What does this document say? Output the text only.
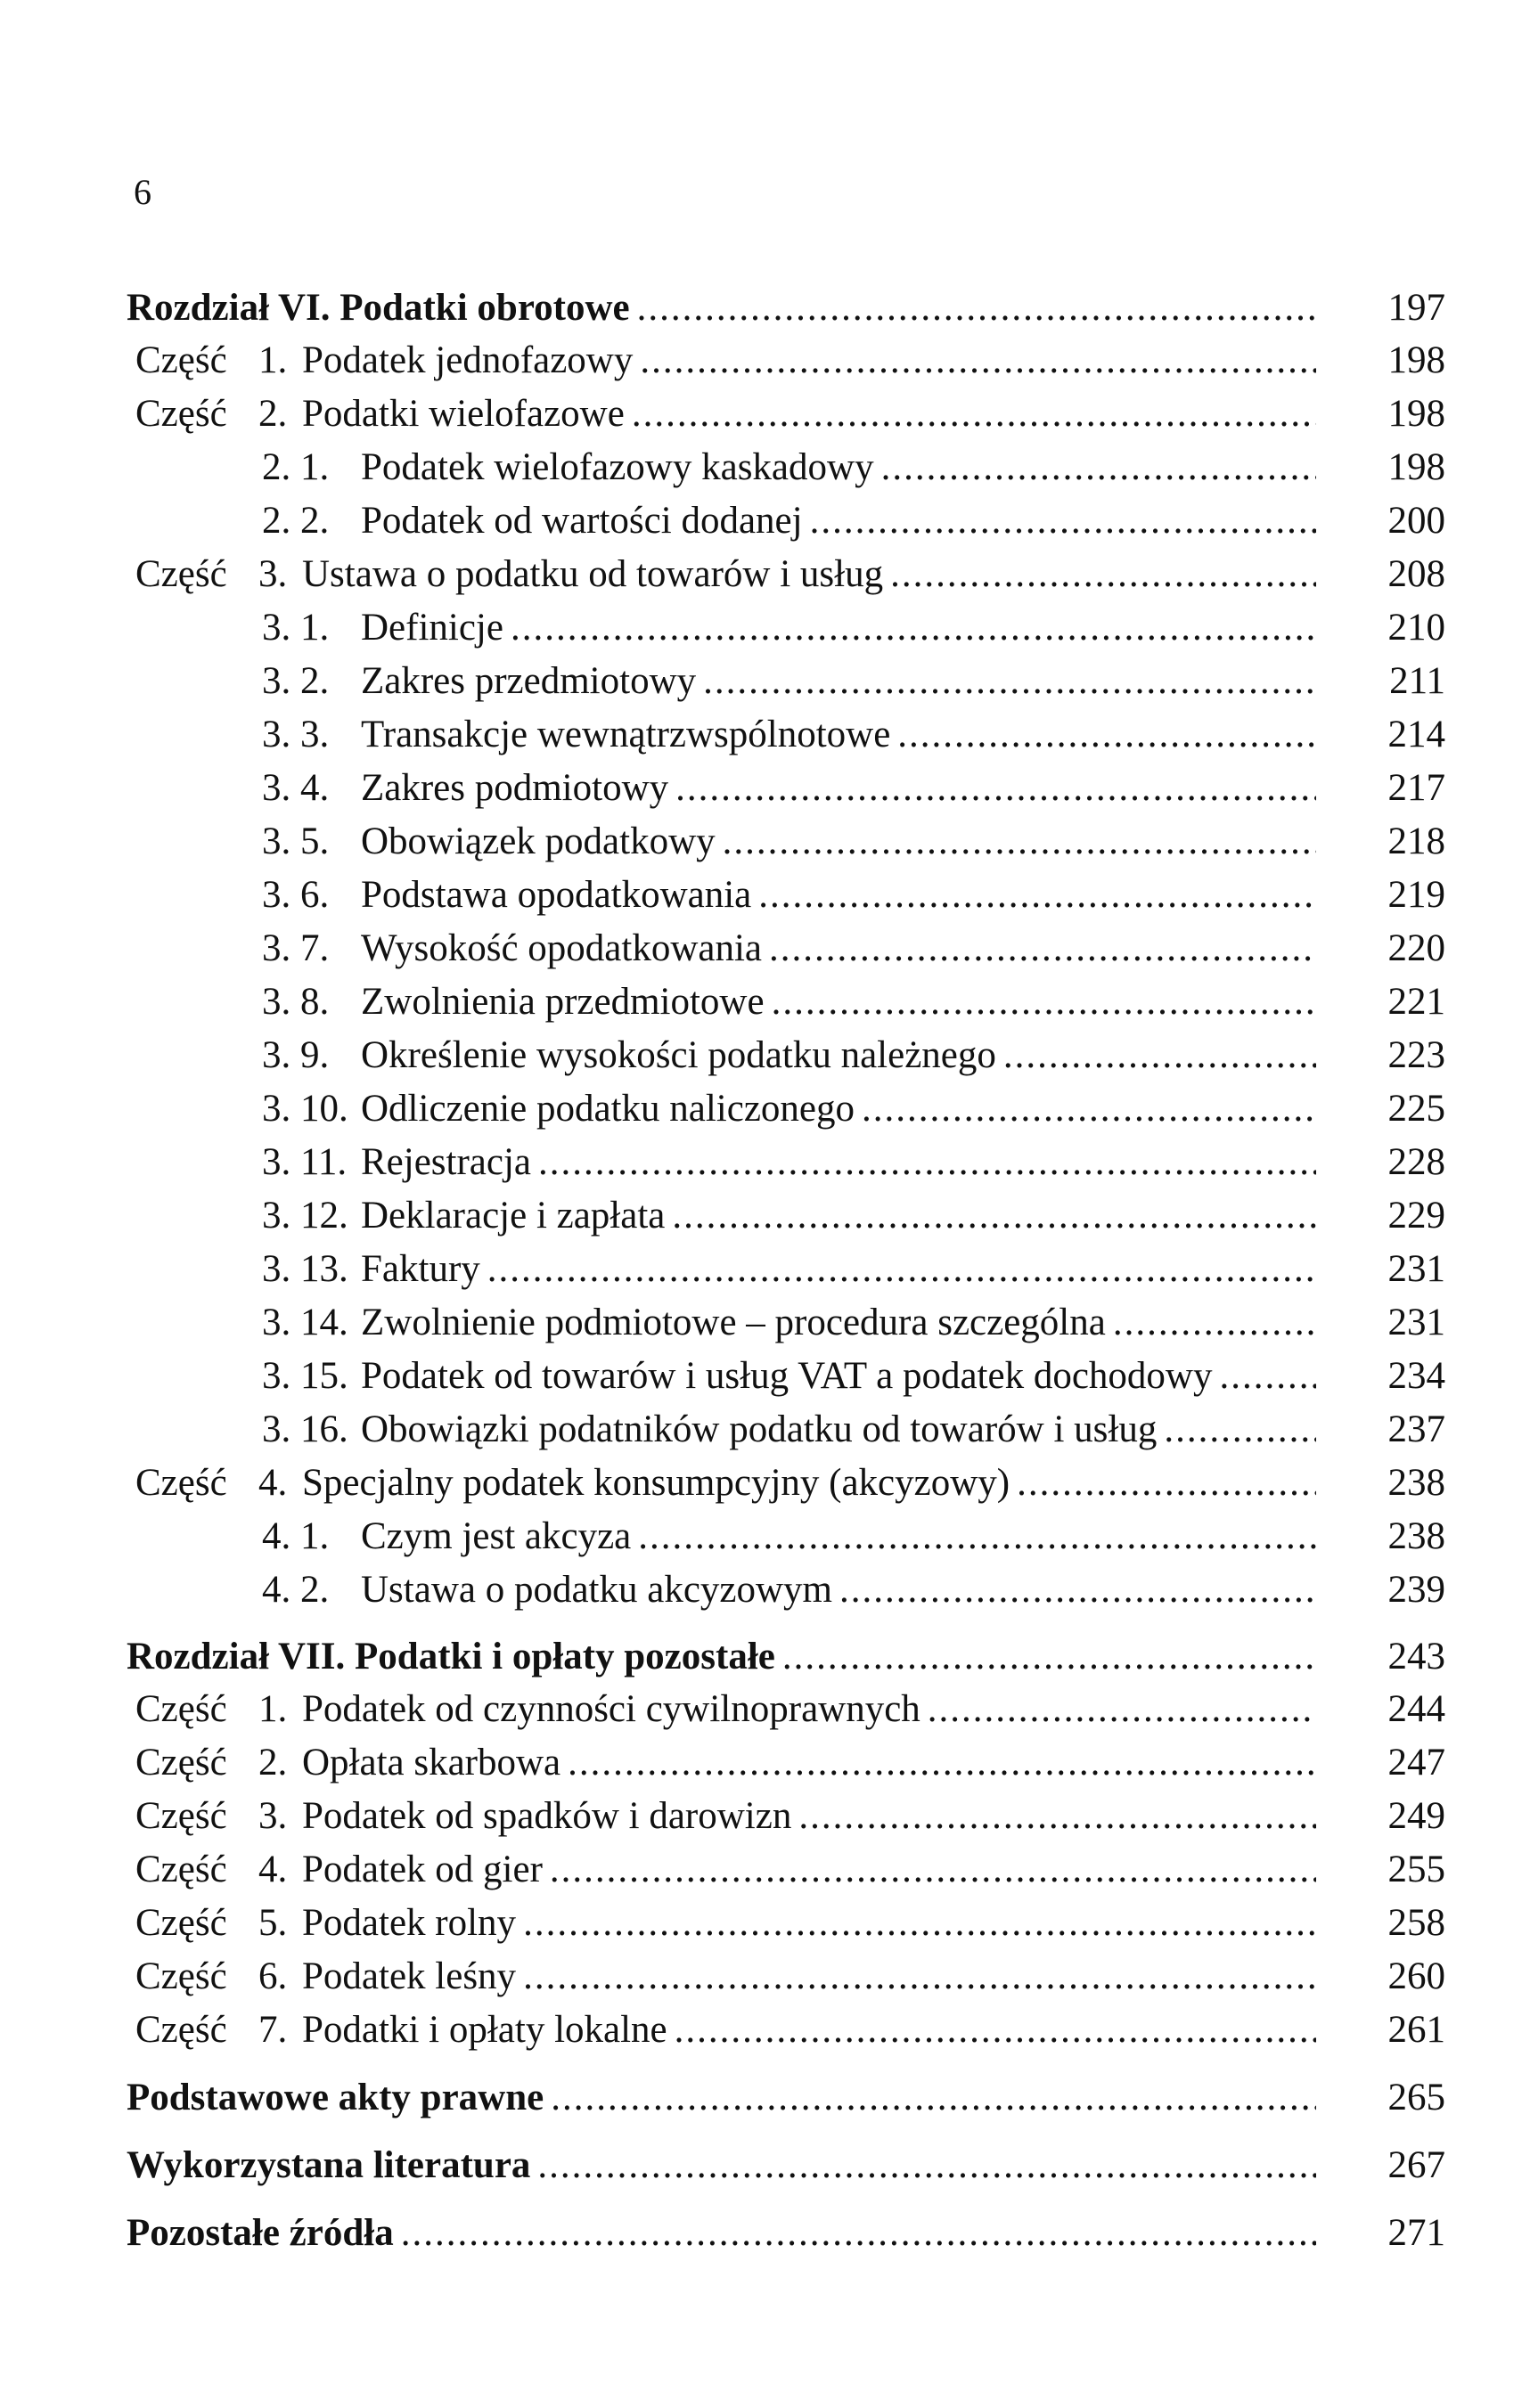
6
Rozdział VI. Podatki obrotowe .....	197
Część 1. Podatek jednofazowy .....	198
Część 2. Podatki wielofazowe .....	198
2. 1. Podatek wielofazowy kaskadowy .....	198
2. 2. Podatek od wartości dodanej .....	200
Część 3. Ustawa o podatku od towarów i usług .....	208
3. 1. Definicje .....	210
3. 2. Zakres przedmiotowy .....	211
3. 3. Transakcje wewnątrzwspólnotowe .....	214
3. 4. Zakres podmiotowy .....	217
3. 5. Obowiązek podatkowy .....	218
3. 6. Podstawa opodatkowania .....	219
3. 7. Wysokość opodatkowania .....	220
3. 8. Zwolnienia przedmiotowe .....	221
3. 9. Określenie wysokości podatku należnego .....	223
3. 10. Odliczenie podatku naliczonego .....	225
3. 11. Rejestracja .....	228
3. 12. Deklaracje i zapłata .....	229
3. 13. Faktury .....	231
3. 14. Zwolnienie podmiotowe – procedura szczególna .....	231
3. 15. Podatek od towarów i usług VAT a podatek dochodowy .....	234
3. 16. Obowiązki podatników podatku od towarów i usług .....	237
Część 4. Specjalny podatek konsumpcyjny (akcyzowy) .....	238
4. 1. Czym jest akcyza .....	238
4. 2. Ustawa o podatku akcyzowym .....	239
Rozdział VII. Podatki i opłaty pozostałe .....	243
Część 1. Podatek od czynności cywilnoprawnych .....	244
Część 2. Opłata skarbowa .....	247
Część 3. Podatek od spadków i darowizn .....	249
Część 4. Podatek od gier .....	255
Część 5. Podatek rolny .....	258
Część 6. Podatek leśny .....	260
Część 7. Podatki i opłaty lokalne .....	261
Podstawowe akty prawne .....	265
Wykorzystana literatura .....	267
Pozostałe źródła .....	271
